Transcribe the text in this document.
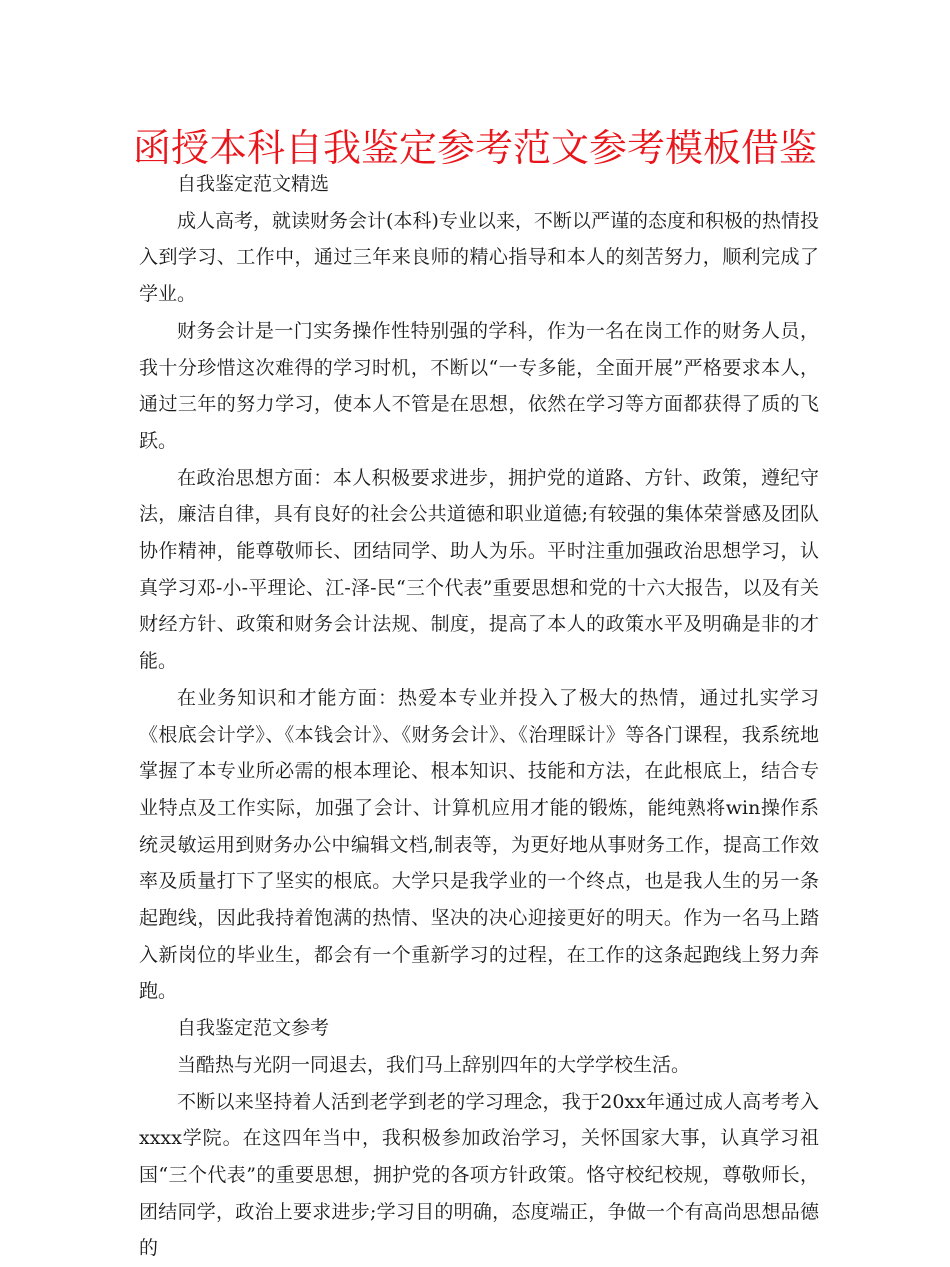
函授本科自我鉴定参考范文参考模板借鉴

自我鉴定范文精选

成人高考，就读财务会计(本科)专业以来，不断以严谨的态度和积极的热情投入到学习、工作中，通过三年来良师的精心指导和本人的刻苦努力，顺利完成了学业。

财务会计是一门实务操作性特别强的学科，作为一名在岗工作的财务人员，我十分珍惜这次难得的学习时机，不断以“一专多能，全面开展”严格要求本人，通过三年的努力学习，使本人不管是在思想，依然在学习等方面都获得了质的飞跃。

在政治思想方面：本人积极要求进步，拥护党的道路、方针、政策，遵纪守法，廉洁自律，具有良好的社会公共道德和职业道德;有较强的集体荣誉感及团队协作精神，能尊敬师长、团结同学、助人为乐。平时注重加强政治思想学习，认真学习邓-小-平理论、江-泽-民“三个代表”重要思想和党的十六大报告，以及有关财经方针、政策和财务会计法规、制度，提高了本人的政策水平及明确是非的才能。

在业务知识和才能方面：热爱本专业并投入了极大的热情，通过扎实学习《根底会计学》、《本钱会计》、《财务会计》、《治理睬计》等各门课程，我系统地掌握了本专业所必需的根本理论、根本知识、技能和方法，在此根底上，结合专业特点及工作实际，加强了会计、计算机应用才能的锻炼，能纯熟将win操作系统灵敏运用到财务办公中编辑文档,制表等，为更好地从事财务工作，提高工作效率及质量打下了坚实的根底。大学只是我学业的一个终点，也是我人生的另一条起跑线，因此我持着饱满的热情、坚决的决心迎接更好的明天。作为一名马上踏入新岗位的毕业生，都会有一个重新学习的过程，在工作的这条起跑线上努力奔跑。

自我鉴定范文参考

当酷热与光阴一同退去，我们马上辞别四年的大学学校生活。

不断以来坚持着人活到老学到老的学习理念，我于20xx年通过成人高考考入xxxx学院。在这四年当中，我积极参加政治学习，关怀国家大事，认真学习祖国“三个代表”的重要思想，拥护党的各项方针政策。恪守校纪校规，尊敬师长，团结同学，政治上要求进步;学习目的明确，态度端正，争做一个有高尚思想品德的
